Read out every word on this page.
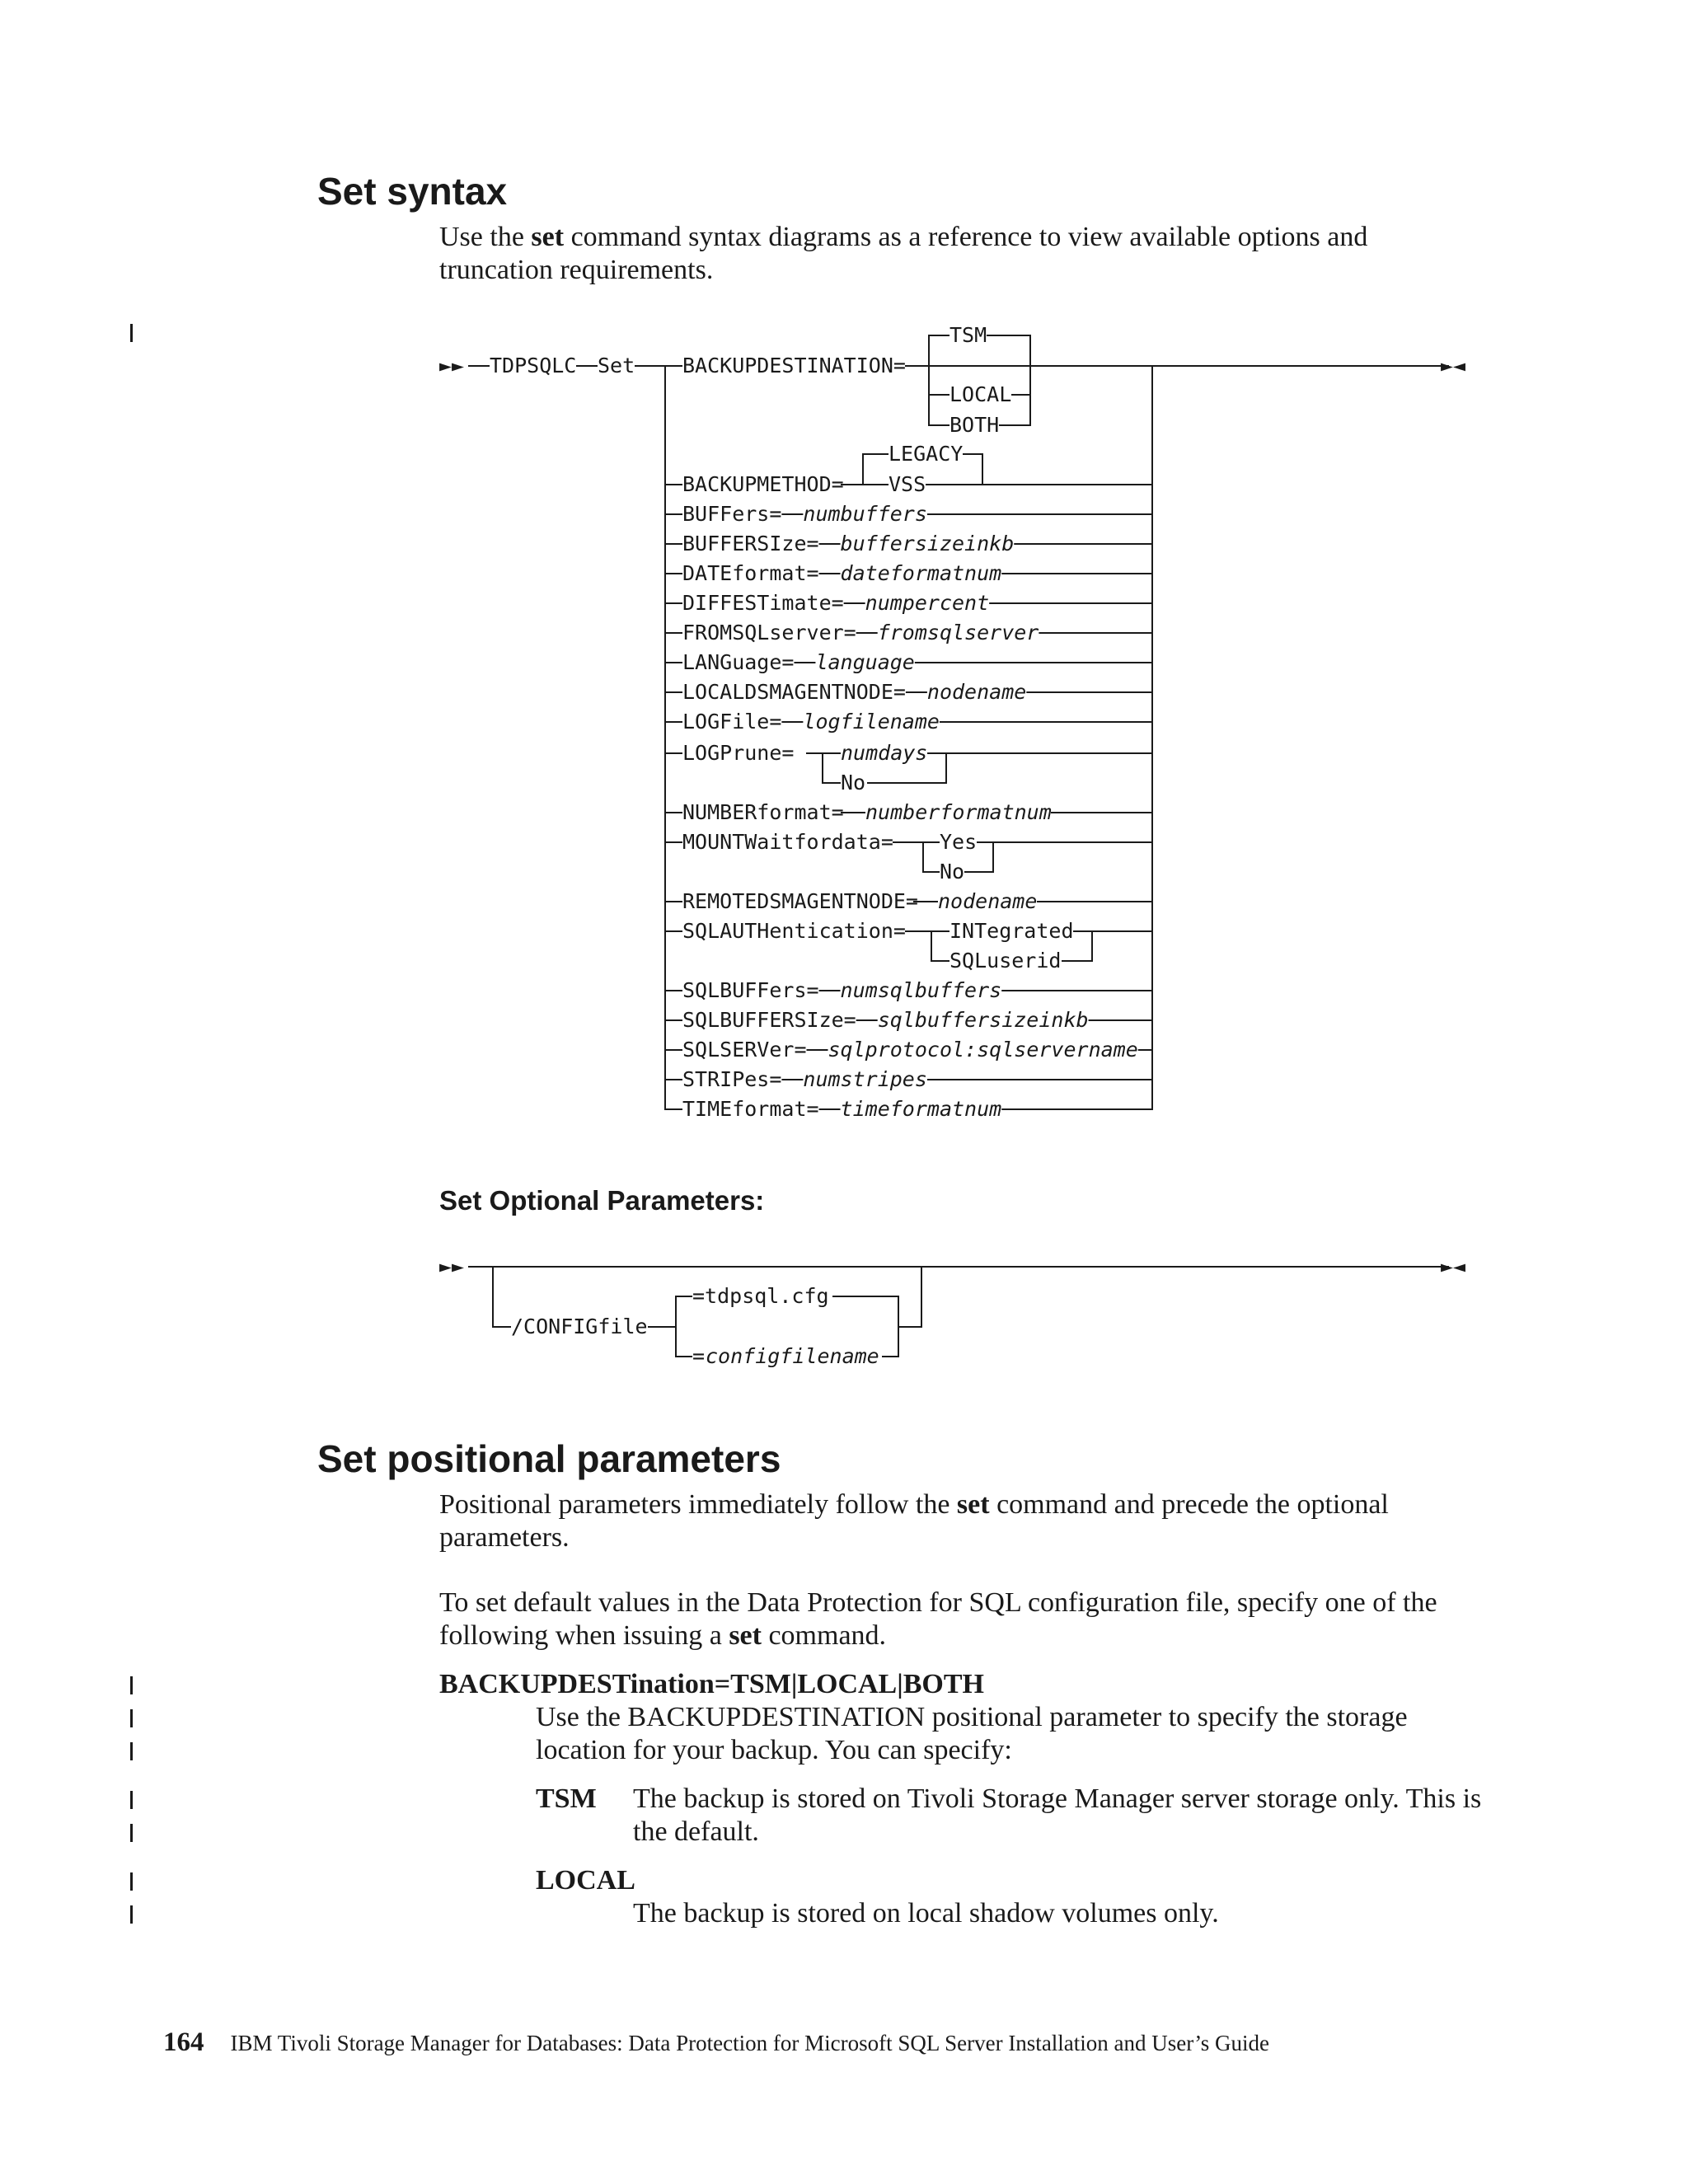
Set syntax

Use the set command syntax diagrams as a reference to view available options and truncation requirements.

►► TDPSQLC Set BACKUPDESTINATION=	►◄
TSM
LOCAL
BOTH
BACKUPMETHOD=
LEGACY
VSS
BUFFers= numbuffers
BUFFERSIze= buffersizeinkb
DATEformat= dateformatnum
DIFFESTimate= numpercent
FROMSQLserver= fromsqlserver
LANGuage= language
LOCALDSMAGENTNODE= nodename
LOGFile= logfilename
LOGPrune= numdays
No
NUMBERformat= numberformatnum
MOUNTWaitfordata= Yes
No
REMOTEDSMAGENTNODE= nodename
SQLAUTHentication= INTegrated
SQLuserid
SQLBUFFers= numsqlbuffers
SQLBUFFERSIze= sqlbuffersizeinkb
SQLSERVer= sqlprotocol:sqlservername
STRIPes= numstripes
TIMEformat= timeformatnum
►►	►◄
/CONFIGfile
=tdpsql.cfg
= configfilename
Set Optional Parameters:
Set positional parameters

Positional parameters immediately follow the set command and precede the optional parameters.

To set default values in the Data Protection for SQL configuration file, specify one of the following when issuing a set command.

BACKUPDESTination=TSM|LOCAL|BOTH
Use the BACKUPDESTINATION positional parameter to specify the storage location for your backup. You can specify:
TSM The backup is stored on Tivoli Storage Manager server storage only. This is the default.
LOCAL
The backup is stored on local shadow volumes only.
164 IBM Tivoli Storage Manager for Databases: Data Protection for Microsoft SQL Server Installation and User’s Guide
